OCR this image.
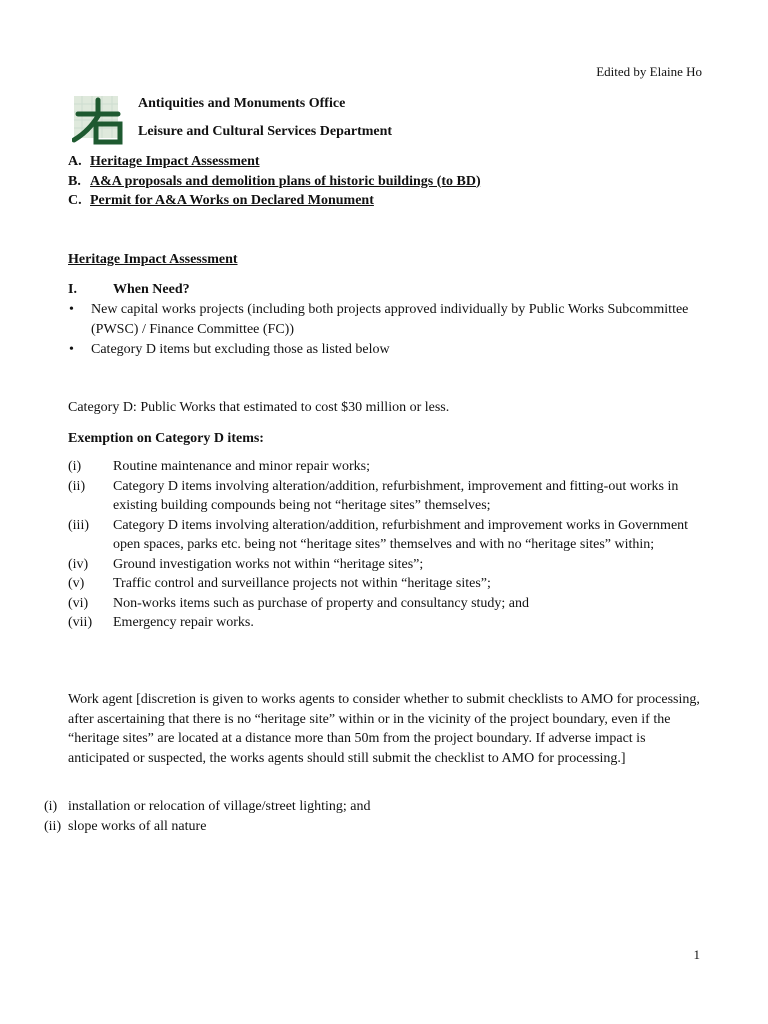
Edited by Elaine Ho
Antiquities and Monuments Office
Leisure and Cultural Services Department
A. Heritage Impact Assessment
B. A&A proposals and demolition plans of historic buildings (to BD)
C. Permit for A&A Works on Declared Monument
Heritage Impact Assessment
I.	When Need?
•	New capital works projects (including both projects approved individually by Public Works Subcommittee (PWSC) / Finance Committee (FC))
•	Category D items but excluding those as listed below
Category D: Public Works that estimated to cost $30 million or less.
Exemption on Category D items:
(i)	Routine maintenance and minor repair works;
(ii)	Category D items involving alteration/addition, refurbishment, improvement and fitting-out works in existing building compounds being not “heritage sites” themselves;
(iii)	Category D items involving alteration/addition, refurbishment and improvement works in Government open spaces, parks etc. being not “heritage sites” themselves and with no “heritage sites” within;
(iv)	Ground investigation works not within “heritage sites”;
(v)	Traffic control and surveillance projects not within “heritage sites”;
(vi)	Non-works items such as purchase of property and consultancy study; and
(vii)	Emergency repair works.
Work agent [discretion is given to works agents to consider whether to submit checklists to AMO for processing, after ascertaining that there is no “heritage site” within or in the vicinity of the project boundary, even if the “heritage sites” are located at a distance more than 50m from the project boundary. If adverse impact is anticipated or suspected, the works agents should still submit the checklist to AMO for processing.]
(i) installation or relocation of village/street lighting; and
(ii) slope works of all nature
1
